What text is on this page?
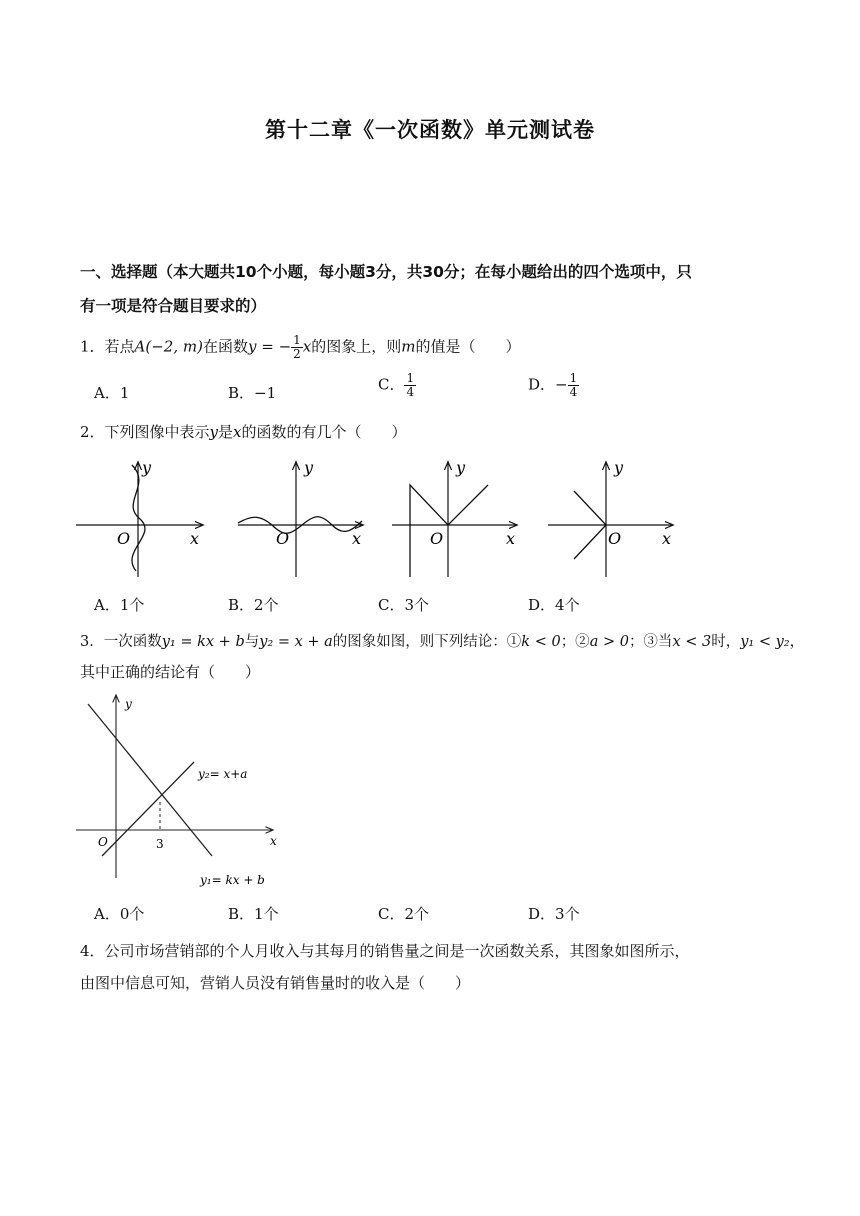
第十二章《一次函数》单元测试卷
一、选择题（本大题共10个小题，每小题3分，共30分；在每小题给出的四个选项中，只
有一项是符合题目要求的）
1．若点A(−2, m)在函数y = − $\frac{1}{2}$ x的图象上，则m的值是（　　）
A．1	B．−1	C． $\frac{1}{4}$	D．− $\frac{1}{4}$
2．下列图像中表示y是x的函数的有几个（　　）
y
x
O
y
x
O
y
x
O
y
x
O
A．1个	B．2个	C．3个	D．4个
3．一次函数y₁ = kx + b与y₂ = x + a的图象如图，则下列结论：①k < 0；②a > 0；③当x < 3时，y₁ < y₂，
其中正确的结论有（　　）
y
x
O	3
y₂= x+a
y₁= kx + b
A．0个	B．1个	C．2个	D．3个
4．公司市场营销部的个人月收入与其每月的销售量之间是一次函数关系，其图象如图所示，
由图中信息可知，营销人员没有销售量时的收入是（　　）
